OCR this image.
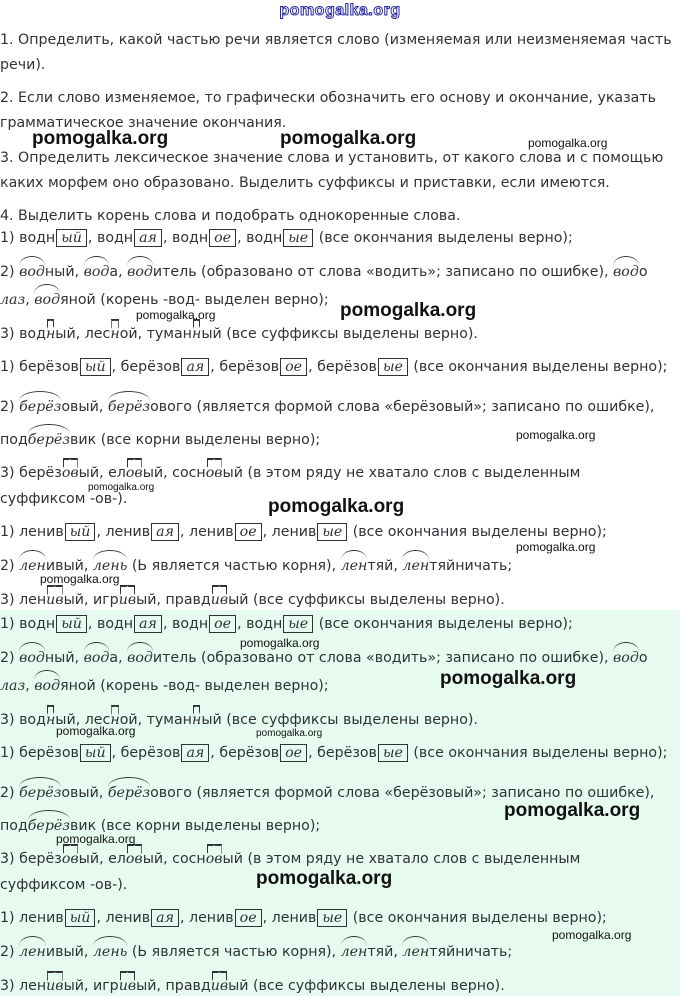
pomogalka.org
1. Определить, какой частью речи является слово (изменяемая или неизменяемая часть
речи).
2. Если слово изменяемое, то графически обозначить его основу и окончание, указать
грамматическое значение окончания.
3. Определить лексическое значение слова и установить, от какого слова и с помощью
каких морфем оно образовано. Выделить суффиксы и приставки, если имеются.
4. Выделить корень слова и подобрать однокоренные слова.
1) водн ый , водн ая , водн ое , водн ые (все окончания выделены верно);
2) водный, вода, водитель (образовано от слова «водить»; записано по ошибке), водо
лаз, водяной (корень -вод- выделен верно);
3) водный, лесной, туманный (все суффиксы выделены верно).
1) берёзов ый , берёзов ая , берёзов ое , берёзов ые (все окончания выделены верно);
2) берёзовый, берёзового (является формой слова «берёзовый»; записано по ошибке),
подберёзвик (все корни выделены верно);
3) берёзовый, еловый, сосновый (в этом ряду не хватало слов с выделенным
суффиксом -ов-).
1) ленив ый , ленив ая , ленив ое , ленив ые (все окончания выделены верно);
2) ленивый, лень (Ь является частью корня), лентяй, лентяйничать;
3) ленивый, игривый, правдивый (все суффиксы выделены верно).
1) водн ый , водн ая , водн ое , водн ые (все окончания выделены верно);
2) водный, вода, водитель (образовано от слова «водить»; записано по ошибке), водо
лаз, водяной (корень -вод- выделен верно);
3) водный, лесной, туманный (все суффиксы выделены верно).
1) берёзов ый , берёзов ая , берёзов ое , берёзов ые (все окончания выделены верно);
2) берёзовый, берёзового (является формой слова «берёзовый»; записано по ошибке),
подберёзвик (все корни выделены верно);
3) берёзовый, еловый, сосновый (в этом ряду не хватало слов с выделенным
суффиксом -ов-).
1) ленив ый , ленив ая , ленив ое , ленив ые (все окончания выделены верно);
2) ленивый, лень (Ь является частью корня), лентяй, лентяйничать;
3) ленивый, игривый, правдивый (все суффиксы выделены верно).
pomogalka.org	pomogalka.org	pomogalka.org
pomogalka.org
pomogalka.org
pomogalka.org
pomogalka.org
pomogalka.org
pomogalka.org
pomogalka.org
pomogalka.org
pomogalka.org
pomogalka.org	pomogalka.org
pomogalka.org
pomogalka.org
pomogalka.org
pomogalka.org
